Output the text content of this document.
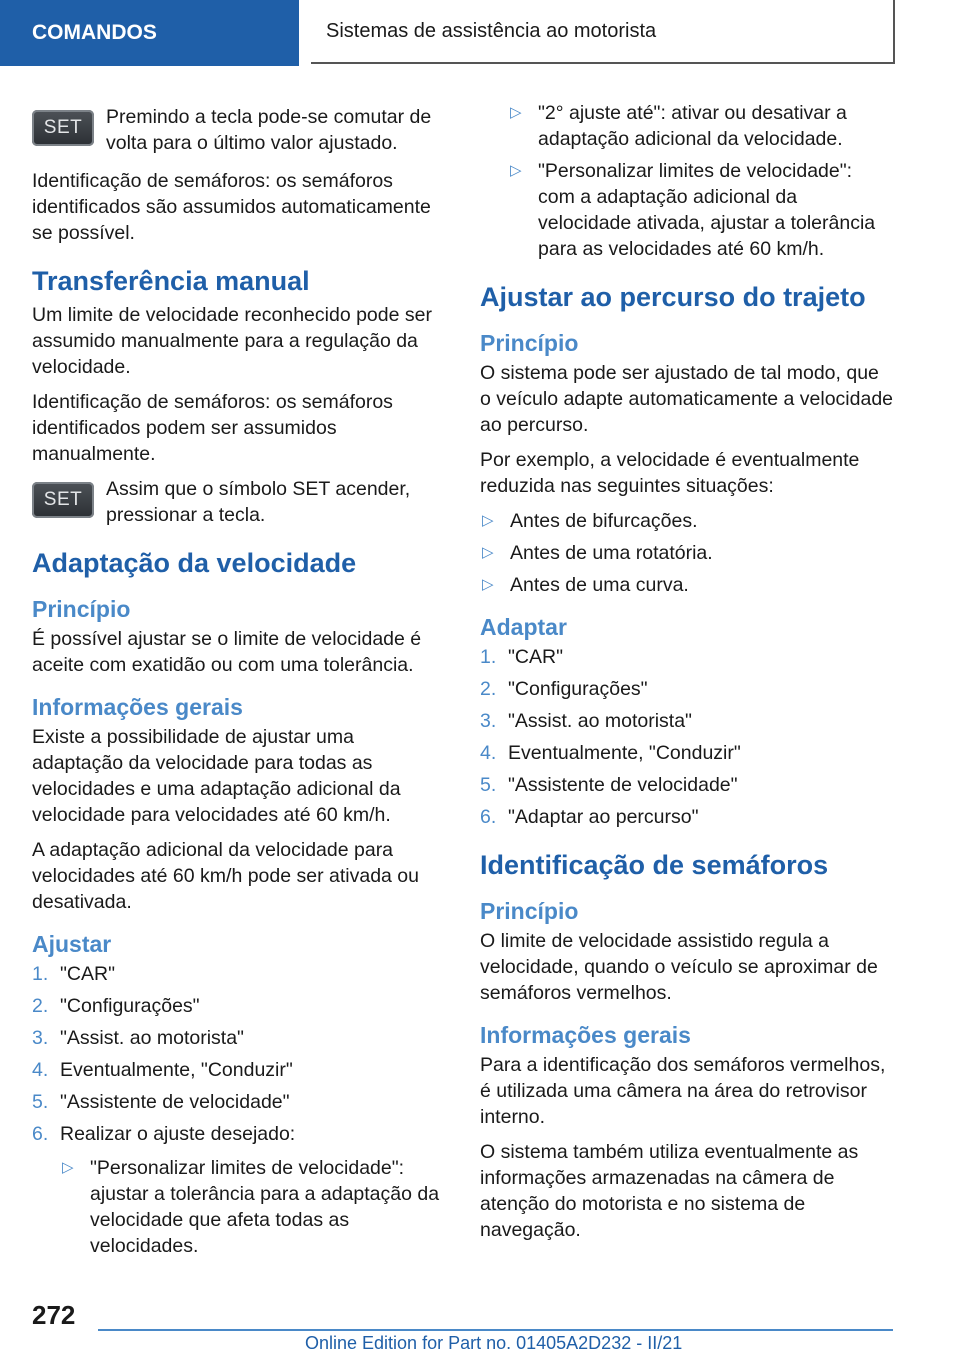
COMANDOS	Sistemas de assistência ao motorista
SET	Premindo a tecla pode-se comutar de volta para o último valor ajustado.

Identificação de semáforos: os semáforos identificados são assumidos automaticamente se possível.

Transferência manual

Um limite de velocidade reconhecido pode ser assumido manualmente para a regulação da velocidade.

Identificação de semáforos: os semáforos identificados podem ser assumidos manualmente.

SET	Assim que o símbolo SET acender, pressionar a tecla.

Adaptação da velocidade
Princípio

É possível ajustar se o limite de velocidade é aceite com exatidão ou com uma tolerância.

Informações gerais

Existe a possibilidade de ajustar uma adaptação da velocidade para todas as velocidades e uma adaptação adicional da velocidade para velocidades até 60 km/h.

A adaptação adicional da velocidade para velocidades até 60 km/h pode ser ativada ou desativada.

Ajustar
1. "CAR"
2. "Configurações"
3. "Assist. ao motorista"
4. Eventualmente, "Conduzir"
5. "Assistente de velocidade"
6. Realizar o ajuste desejado:
▷ "Personalizar limites de velocidade": ajustar a tolerância para a adaptação da velocidade que afeta todas as velocidades.
▷ "2° ajuste até": ativar ou desativar a adaptação adicional da velocidade.
▷ "Personalizar limites de velocidade": com a adaptação adicional da velocidade ativada, ajustar a tolerância para as velocidades até 60 km/h.
Ajustar ao percurso do trajeto
Princípio

O sistema pode ser ajustado de tal modo, que o veículo adapte automaticamente a velocidade ao percurso.

Por exemplo, a velocidade é eventualmente reduzida nas seguintes situações:

▷ Antes de bifurcações.
▷ Antes de uma rotatória.
▷ Antes de uma curva.
Adaptar
1. "CAR"
2. "Configurações"
3. "Assist. ao motorista"
4. Eventualmente, "Conduzir"
5. "Assistente de velocidade"
6. "Adaptar ao percurso"
Identificação de semáforos
Princípio

O limite de velocidade assistido regula a velocidade, quando o veículo se aproximar de semáforos vermelhos.

Informações gerais

Para a identificação dos semáforos vermelhos, é utilizada uma câmera na área do retrovisor interno.

O sistema também utiliza eventualmente as informações armazenadas na câmera de atenção do motorista e no sistema de navegação.

272
Online Edition for Part no. 01405A2D232 - II/21
